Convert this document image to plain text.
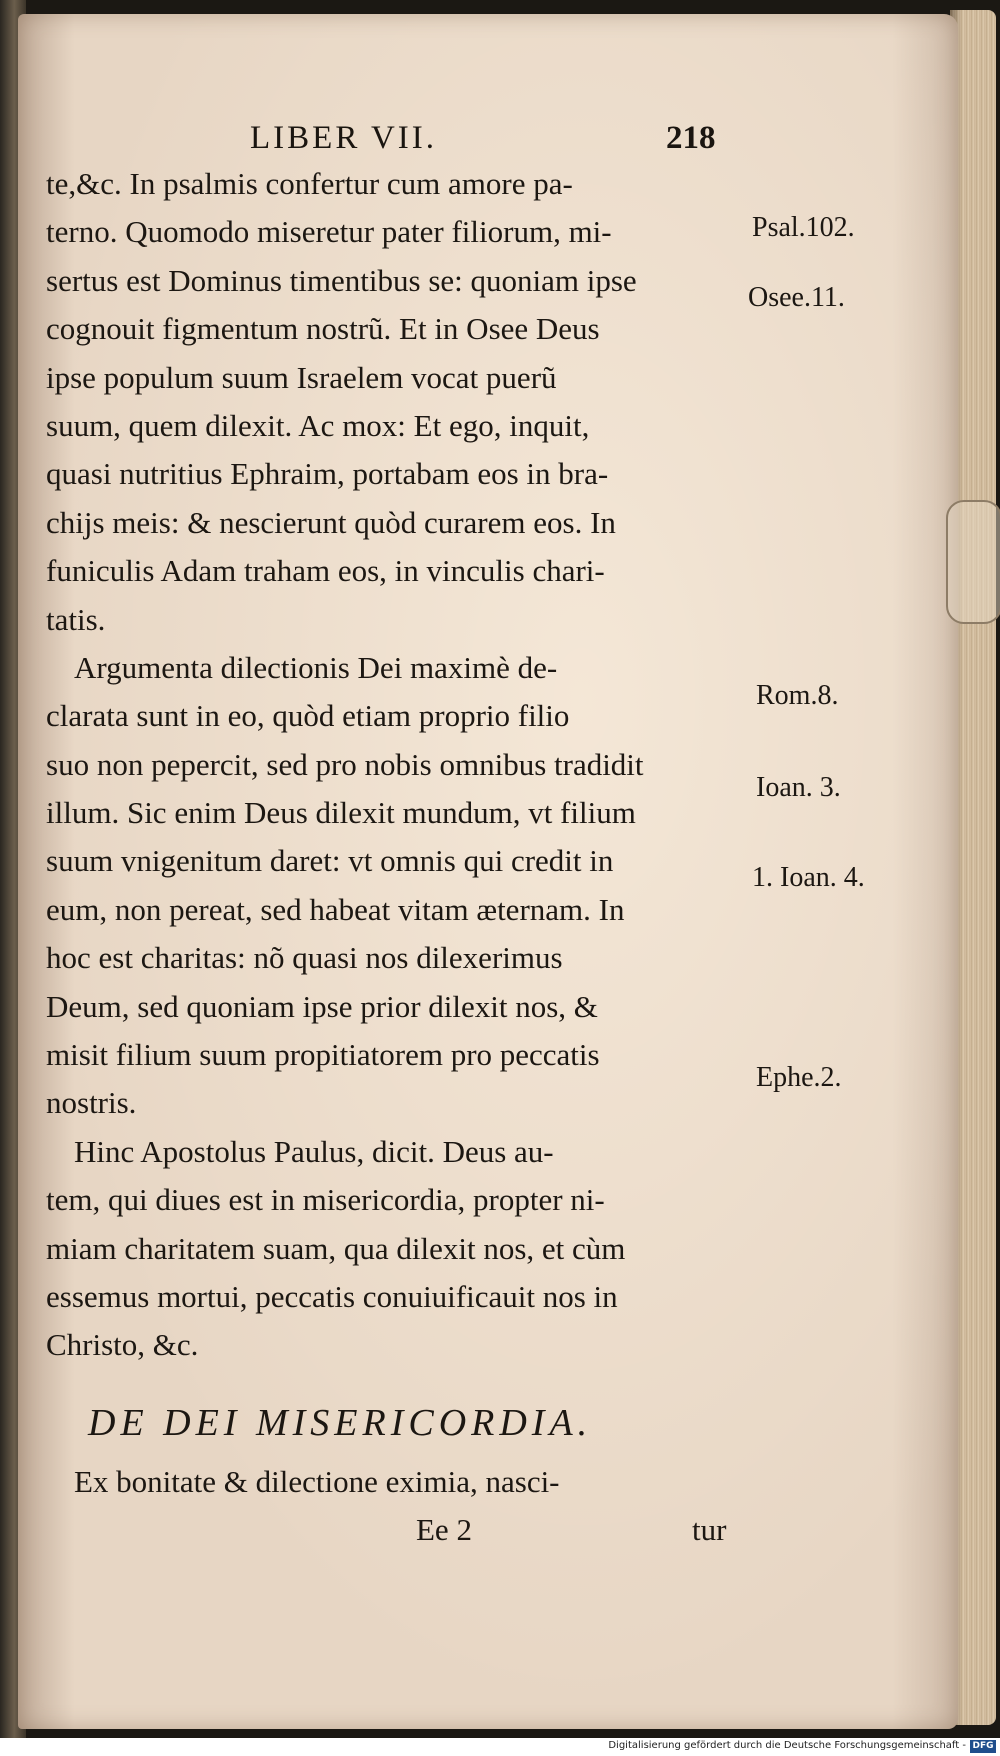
LIBER VII.	218
te,&c. In psalmis confertur cum amore pa-
terno. Quomodo miseretur pater filiorum, mi-
sertus est Dominus timentibus se: quoniam ipse
cognouit figmentum nostrũ. Et in Osee Deus
ipse populum suum Israelem vocat puerũ
suum, quem dilexit. Ac mox: Et ego, inquit,
quasi nutritius Ephraim, portabam eos in bra-
chijs meis: & nescierunt quòd curarem eos. In
funiculis Adam traham eos, in vinculis chari-
tatis.
Argumenta dilectionis Dei maximè de-
clarata sunt in eo, quòd etiam proprio filio
suo non pepercit, sed pro nobis omnibus tradidit
illum. Sic enim Deus dilexit mundum, vt filium
suum vnigenitum daret: vt omnis qui credit in
eum, non pereat, sed habeat vitam æternam. In
hoc est charitas: nõ quasi nos dilexerimus
Deum, sed quoniam ipse prior dilexit nos, &
misit filium suum propitiatorem pro peccatis
nostris.
Hinc Apostolus Paulus, dicit. Deus au-
tem, qui diues est in misericordia, propter ni-
miam charitatem suam, qua dilexit nos, et cùm
essemus mortui, peccatis conuiuificauit nos in
Christo, &c.
DE DEI MISERICORDIA.
Ex bonitate & dilectione eximia, nasci-
Ee 2	tur
Psal.102.
Osee.11.
Rom.8.
Ioan. 3.
1. Ioan. 4.
Ephe.2.
Digitalisierung gefördert durch die Deutsche Forschungsgemeinschaft - DFG
